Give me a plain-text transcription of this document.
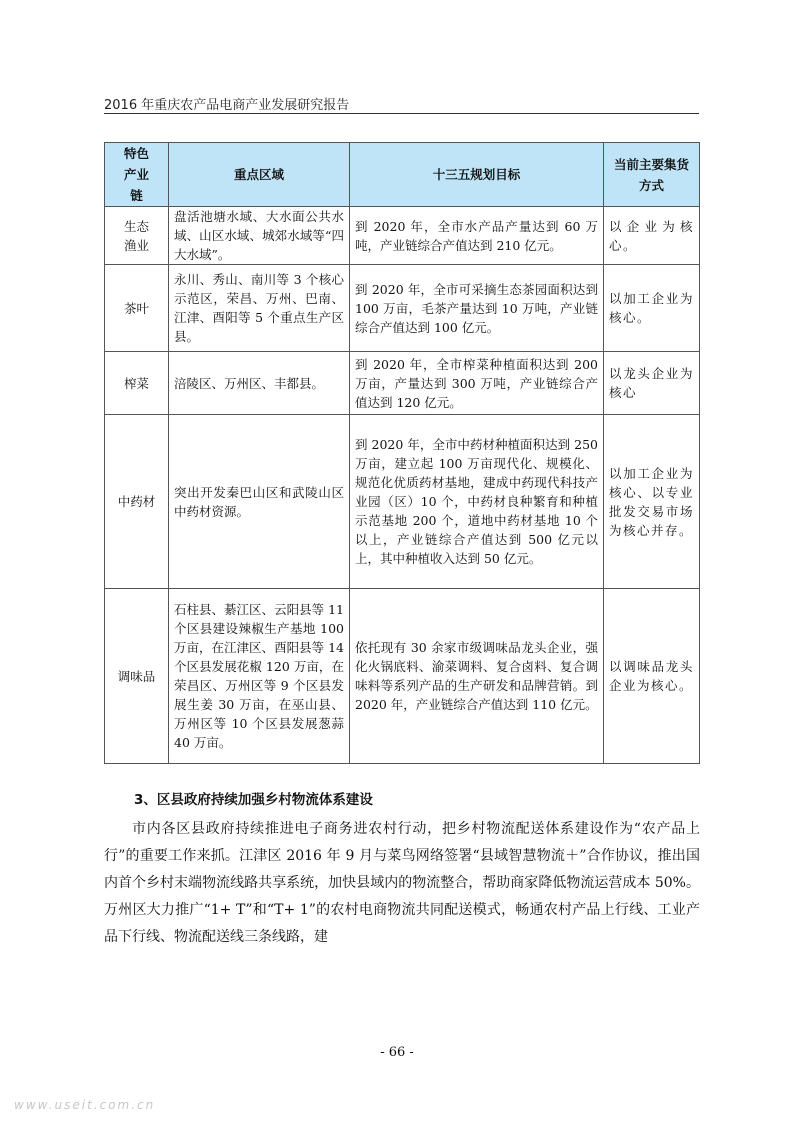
2016 年重庆农产品电商产业发展研究报告
特色产业链	重点区域	十三五规划目标	当前主要集货方式
生态渔业	盘活池塘水域、大水面公共水域、山区水域、城郊水域等“四大水域”。	到 2020 年，全市水产品产量达到 60 万吨，产业链综合产值达到 210 亿元。	以企业为核心。
茶叶	永川、秀山、南川等 3 个核心示范区，荣昌、万州、巴南、江津、酉阳等 5 个重点生产区县。	到 2020 年，全市可采摘生态茶园面积达到 100 万亩，毛茶产量达到 10 万吨，产业链综合产值达到 100 亿元。	以加工企业为核心。
榨菜	涪陵区、万州区、丰都县。	到 2020 年，全市榨菜种植面积达到 200 万亩，产量达到 300 万吨，产业链综合产值达到 120 亿元。	以龙头企业为核心
中药材	突出开发秦巴山区和武陵山区中药材资源。	到 2020 年，全市中药材种植面积达到 250 万亩，建立起 100 万亩现代化、规模化、规范化优质药材基地，建成中药现代科技产业园（区）10 个，中药材良种繁育和种植示范基地 200 个，道地中药材基地 10 个以上，产业链综合产值达到 500 亿元以上，其中种植收入达到 50 亿元。	以加工企业为核心、以专业批发交易市场为核心并存。
调味品	石柱县、綦江区、云阳县等 11 个区县建设辣椒生产基地 100 万亩，在江津区、酉阳县等 14 个区县发展花椒 120 万亩，在荣昌区、万州区等 9 个区县发展生姜 30 万亩，在巫山县、万州区等 10 个区县发展葱蒜 40 万亩。	依托现有 30 余家市级调味品龙头企业，强化火锅底料、渝菜调料、复合卤料、复合调味料等系列产品的生产研发和品牌营销。到 2020 年，产业链综合产值达到 110 亿元。	以调味品龙头企业为核心。
3、区县政府持续加强乡村物流体系建设
市内各区县政府持续推进电子商务进农村行动，把乡村物流配送体系建设作为“农产品上行”的重要工作来抓。江津区 2016 年 9 月与菜鸟网络签署“县域智慧物流＋”合作协议，推出国内首个乡村末端物流线路共享系统，加快县域内的物流整合，帮助商家降低物流运营成本 50%。万州区大力推广“1+ T”和“T+ 1”的农村电商物流共同配送模式，畅通农村产品上行线、工业产品下行线、物流配送线三条线路，建
- 66 -
www.useit.com.cn
